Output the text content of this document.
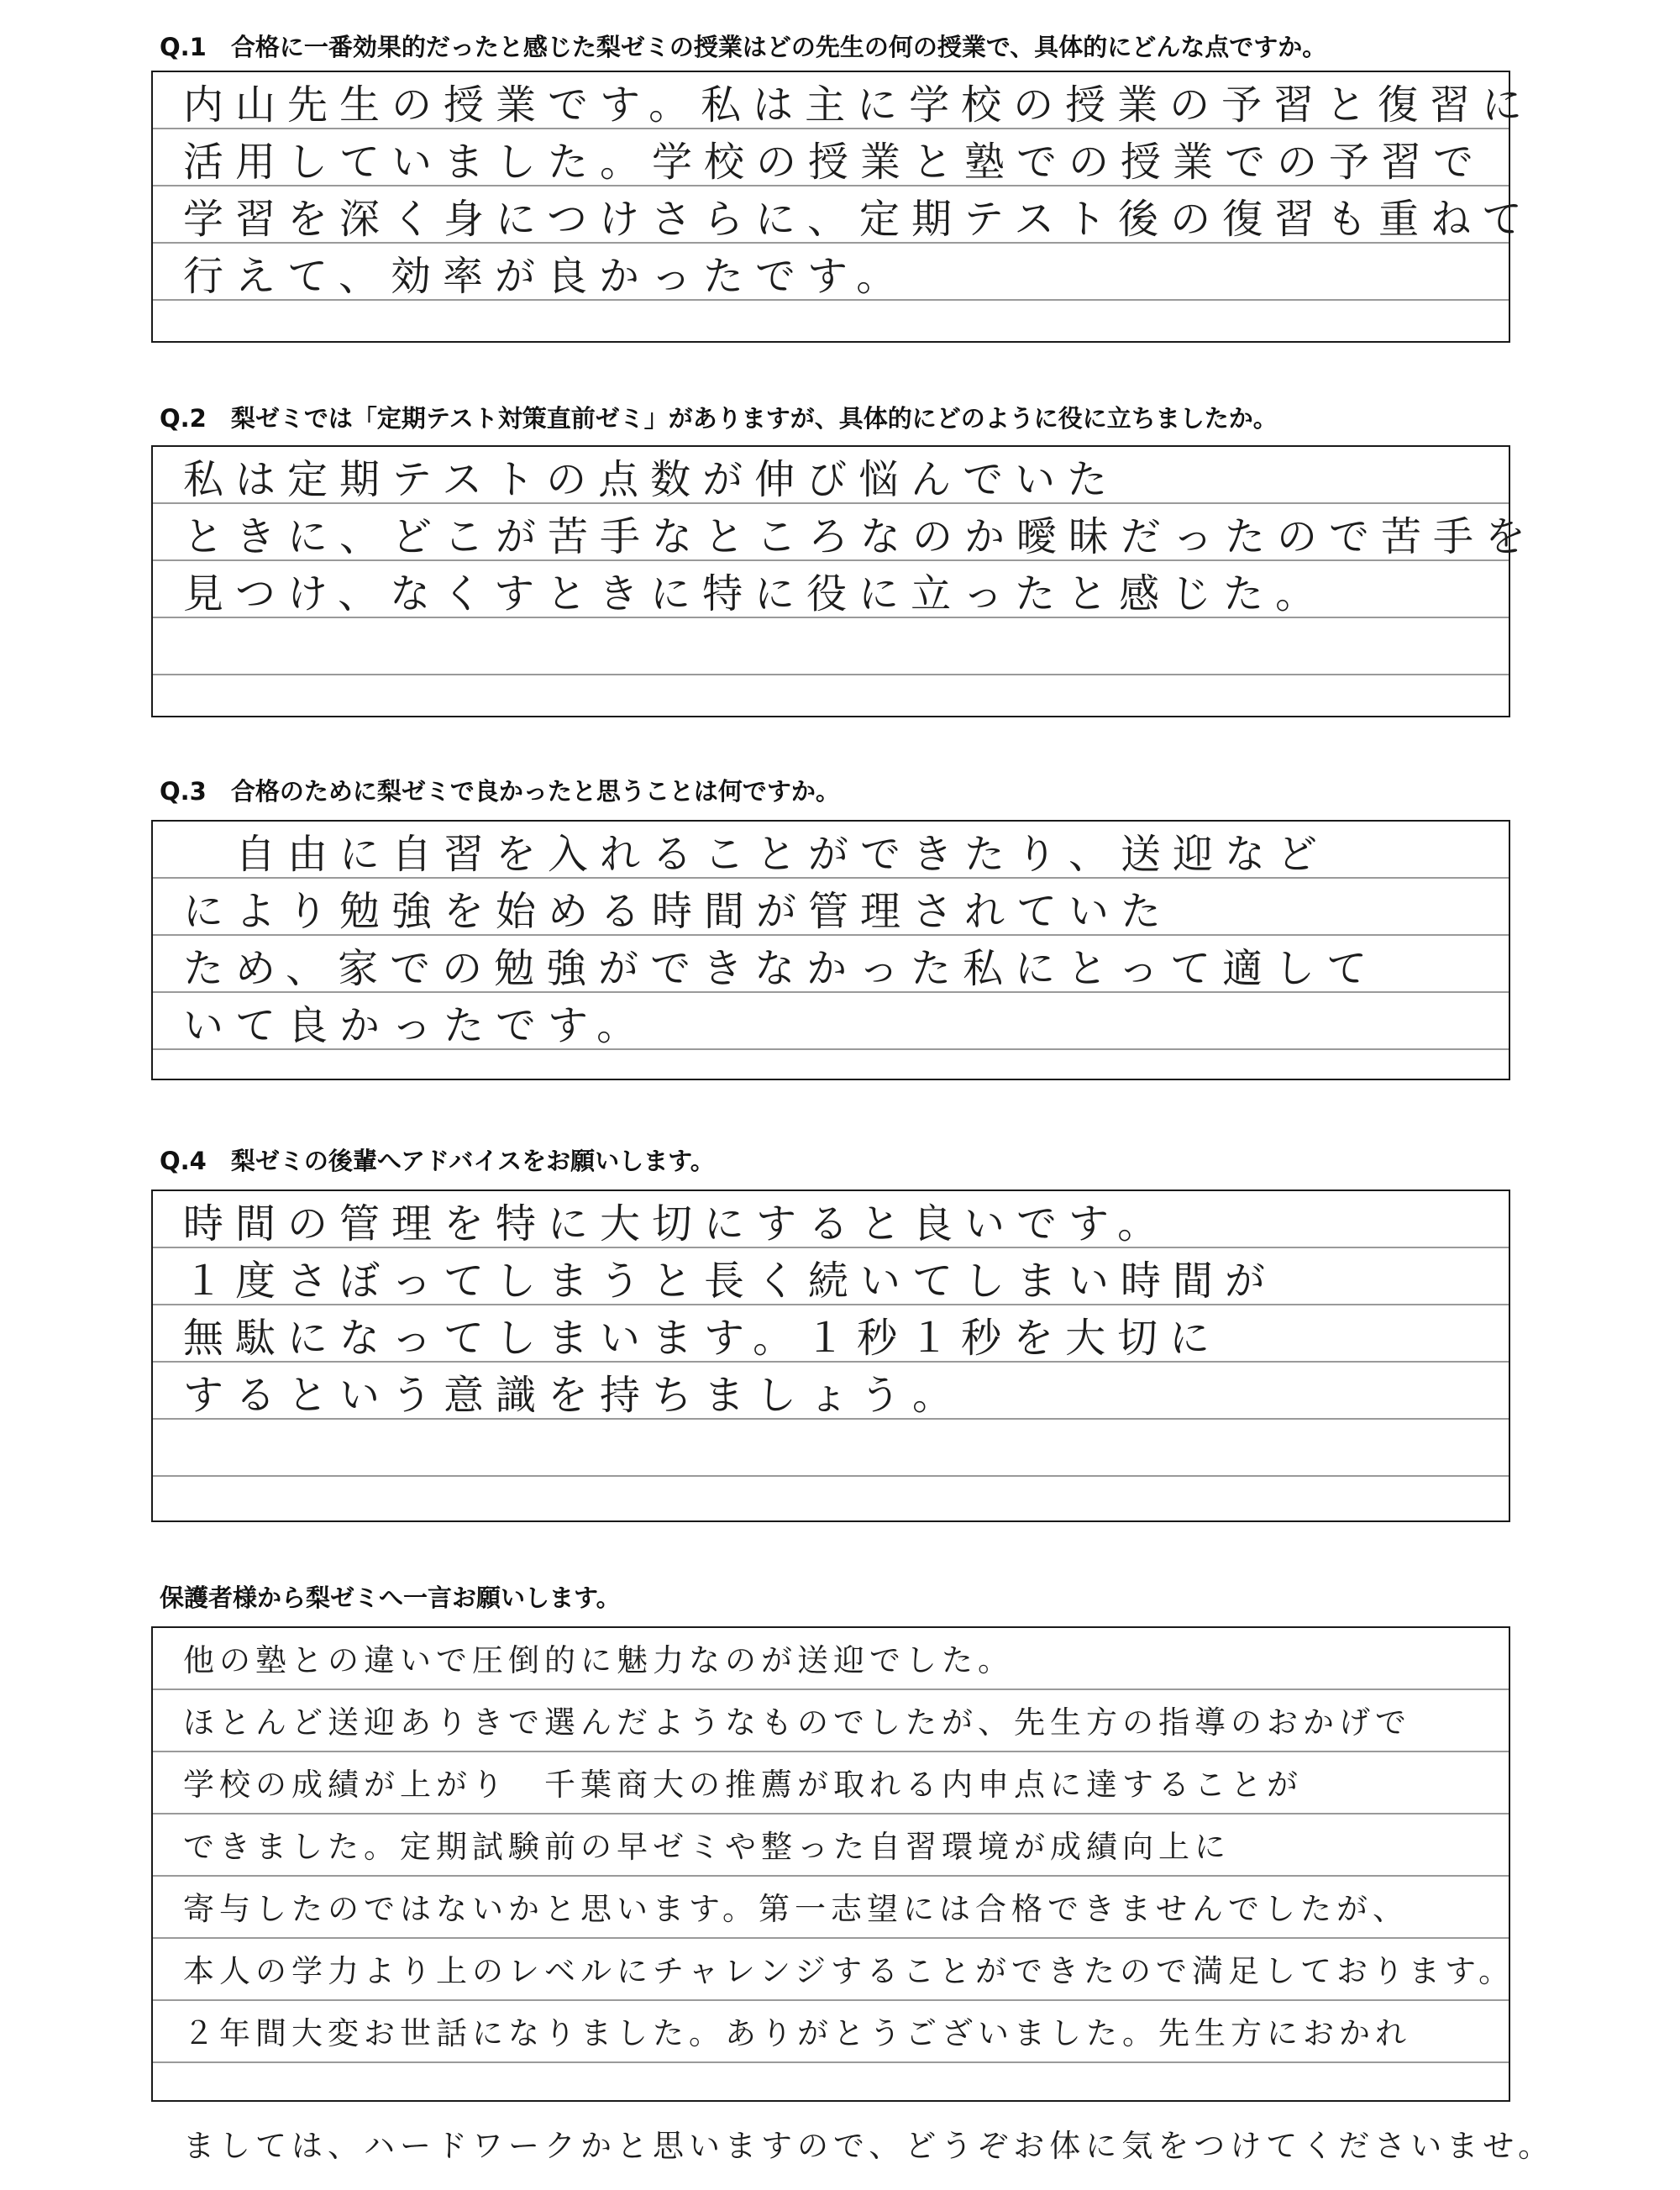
Q.1　合格に一番効果的だったと感じた梨ゼミの授業はどの先生の何の授業で、具体的にどんな点ですか。
内山先生の授業です。私は主に学校の授業の予習と復習に
活用していました。学校の授業と塾での授業での予習で
学習を深く身につけさらに、定期テスト後の復習も重ねて
行えて、効率が良かったです。
Q.2　梨ゼミでは「定期テスト対策直前ゼミ」がありますが、具体的にどのように役に立ちましたか。
私は定期テストの点数が伸び悩んでいた
ときに、どこが苦手なところなのか曖昧だったので苦手を
見つけ、なくすときに特に役に立ったと感じた。
Q.3　合格のために梨ゼミで良かったと思うことは何ですか。
　自由に自習を入れることができたり、送迎など
により勉強を始める時間が管理されていた
ため、家での勉強ができなかった私にとって適して
いて良かったです。
Q.4　梨ゼミの後輩へアドバイスをお願いします。
時間の管理を特に大切にすると良いです。
１度さぼってしまうと長く続いてしまい時間が
無駄になってしまいます。１秒１秒を大切に
するという意識を持ちましょう。
保護者様から梨ゼミへ一言お願いします。
他の塾との違いで圧倒的に魅力なのが送迎でした。
ほとんど送迎ありきで選んだようなものでしたが、先生方の指導のおかげで
学校の成績が上がり　千葉商大の推薦が取れる内申点に達することが
できました。定期試験前の早ゼミや整った自習環境が成績向上に
寄与したのではないかと思います。第一志望には合格できませんでしたが、
本人の学力より上のレベルにチャレンジすることができたので満足しております。
２年間大変お世話になりました。ありがとうございました。先生方におかれ
ましては、ハードワークかと思いますので、どうぞお体に気をつけてくださいませ。
